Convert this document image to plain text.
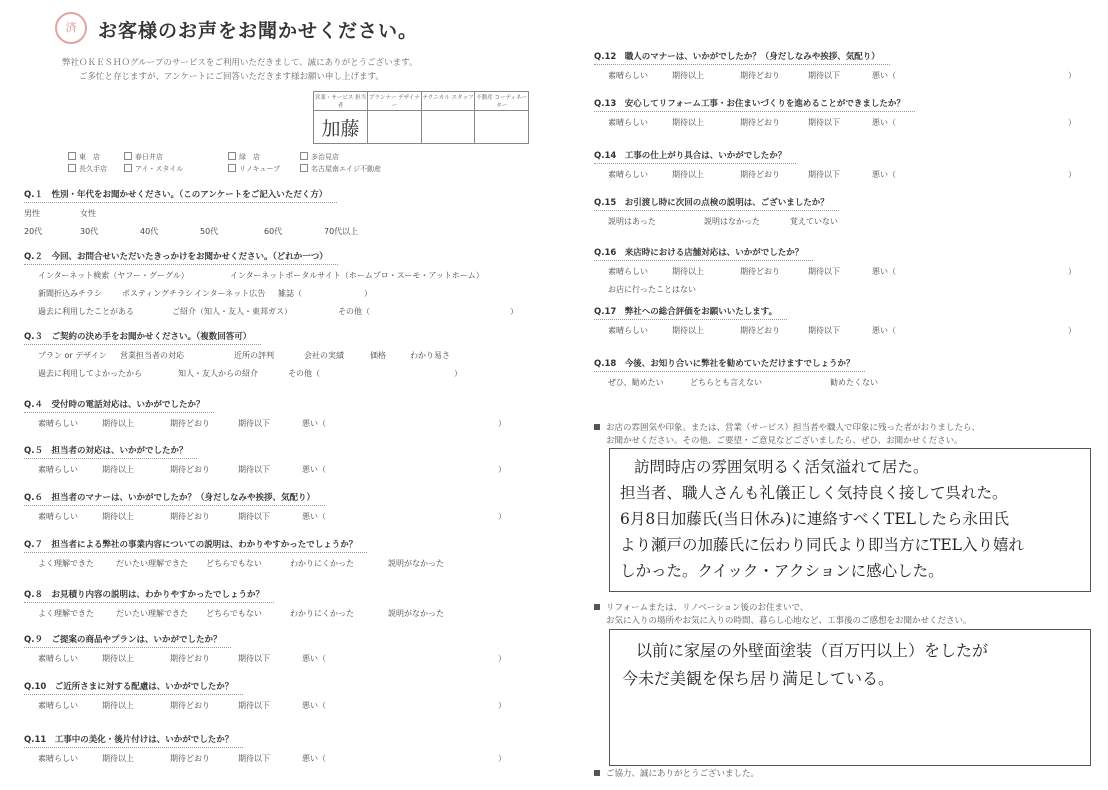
済	お客様のお声をお聞かせください。
弊社ＯＫＥＳＨＯグループのサービスをご利用いただきまして、誠にありがとうございます。
ご多忙と存じますが、アンケートにご回答いただきます様お願い申し上げます。
営業・サービス 担当者	プランナー デザイナー	テクニカル スタッフ	不動産 コーディネーター
加藤			
東　店	春日井店	緑　店	多治見店
長久手店	アイ・スタイル	リノキューブ	名古屋南エイジ不動産
Q.１　性別・年代をお聞かせください。（このアンケートをご記入いただく方）
男性	女性
20代	30代	40代	50代	60代	70代以上
Q.２　今回、お問合せいただいたきっかけをお聞かせください。（どれか一つ）
インターネット検索（ヤフー・グーグル）	インターネットポータルサイト（ホームプロ・スーモ・アットホーム）
新聞折込みチラシ	ポスティングチラシ インターネット広告 雑誌（	）
過去に利用したことがある	ご紹介（知人・友人・東邦ガス）	その他（	）
Q.３　ご契約の決め手をお聞かせください。（複数回答可）
プラン or デザイン 営業担当者の対応	近所の評判	会社の実績	価格	わかり易さ
過去に利用してよかったから	知人・友人からの紹介	その他（	）
Q.４　受付時の電話対応は、いかがでしたか？
素晴らしい	期待以上	期待どおり	期待以下	悪い（	）
Q.５　担当者の対応は、いかがでしたか？
素晴らしい	期待以上	期待どおり	期待以下	悪い（	）
Q.６　担当者のマナーは、いかがでしたか？（身だしなみや挨拶、気配り）
素晴らしい	期待以上	期待どおり	期待以下	悪い（	）
Q.７　担当者による弊社の事業内容についての説明は、わかりやすかったでしょうか？
よく理解できた	だいたい理解できた どちらでもない	わかりにくかった	説明がなかった
Q.８　お見積り内容の説明は、わかりやすかったでしょうか？
よく理解できた	だいたい理解できた どちらでもない	わかりにくかった	説明がなかった
Q.９　ご提案の商品やプランは、いかがでしたか？
素晴らしい	期待以上	期待どおり	期待以下	悪い（	）
Q.10　ご近所さまに対する配慮は、いかがでしたか？
素晴らしい	期待以上	期待どおり	期待以下	悪い（	）
Q.11　工事中の美化・後片付けは、いかがでしたか？
素晴らしい	期待以上	期待どおり	期待以下	悪い（	）
Q.12　職人のマナーは、いかがでしたか？（身だしなみや挨拶、気配り）
素晴らしい	期待以上	期待どおり	期待以下	悪い（	）
Q.13　安心してリフォーム工事・お住まいづくりを進めることができましたか？
素晴らしい	期待以上	期待どおり	期待以下	悪い（	）
Q.14　工事の仕上がり具合は、いかがでしたか？
素晴らしい	期待以上	期待どおり	期待以下	悪い（	）
Q.15　お引渡し時に次回の点検の説明は、ございましたか？
説明はあった	説明はなかった	覚えていない
Q.16　来店時における店舗対応は、いかがでしたか？
素晴らしい	期待以上	期待どおり	期待以下	悪い（	）
お店に行ったことはない
Q.17　弊社への総合評価をお願いいたします。
素晴らしい	期待以上	期待どおり	期待以下	悪い（	）
Q.18　今後、お知り合いに弊社を勧めていただけますでしょうか？
ぜひ、勧めたい	どちらとも言えない	勧めたくない
お店の雰囲気や印象。または、営業（サービス）担当者や職人で印象に残った者がおりましたら、
お聞かせください。その他、ご要望・ご意見などございましたら、ぜひ、お聞かせください。
訪問時店の雰囲気明るく活気溢れて居た。
担当者、職人さんも礼儀正しく気持良く接して呉れた。
6月8日加藤氏(当日休み)に連絡すべくTELしたら永田氏
より瀬戸の加藤氏に伝わり同氏より即当方にTEL入り嬉れ
しかった。クイック・アクションに感心した。
リフォームまたは、リノベーション後のお住まいで、
お気に入りの場所やお気に入りの時間、暮らし心地など、工事後のご感想をお聞かせください。
以前に家屋の外壁面塗装（百万円以上）をしたが
今未だ美観を保ち居り満足している。
ご協力、誠にありがとうございました。
